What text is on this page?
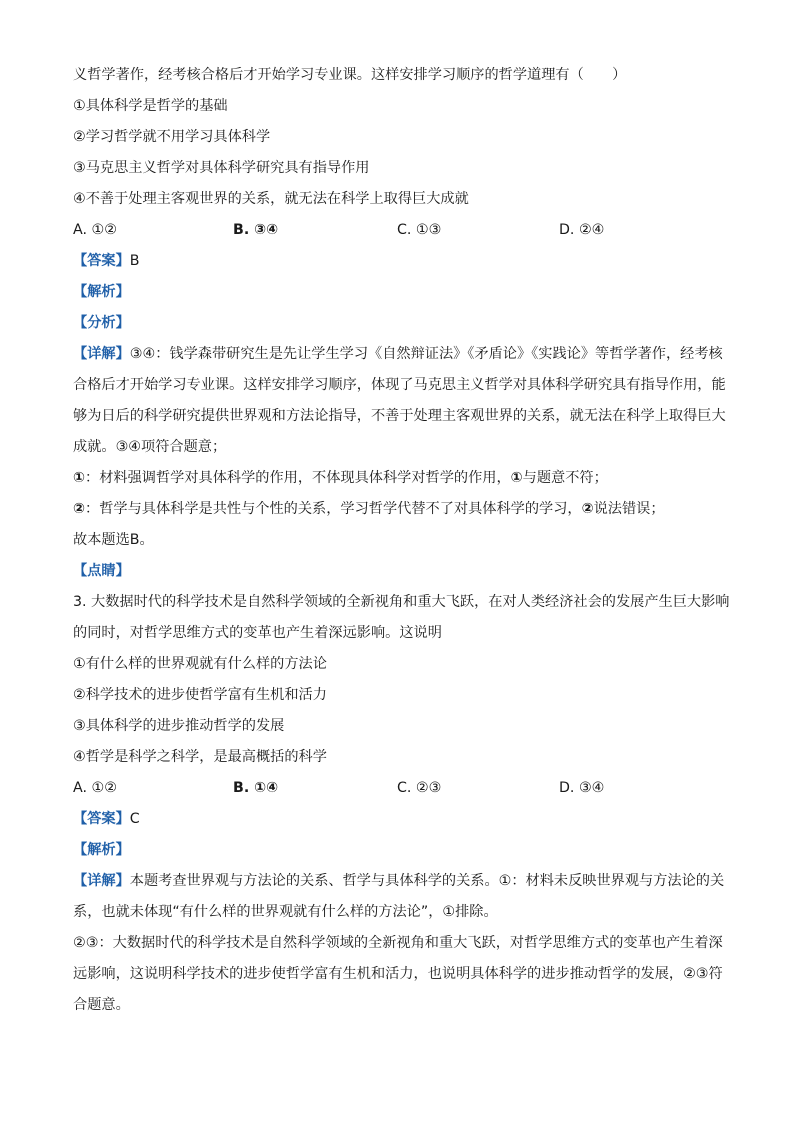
义哲学著作，经考核合格后才开始学习专业课。这样安排学习顺序的哲学道理有（　　）
①具体科学是哲学的基础
②学习哲学就不用学习具体科学
③马克思主义哲学对具体科学研究具有指导作用
④不善于处理主客观世界的关系，就无法在科学上取得巨大成就
A. ①②	B. ③④	C. ①③	D. ②④
【答案】B
【解析】
【分析】
【详解】③④：钱学森带研究生是先让学生学习《自然辩证法》《矛盾论》《实践论》等哲学著作，经考核
合格后才开始学习专业课。这样安排学习顺序，体现了马克思主义哲学对具体科学研究具有指导作用，能
够为日后的科学研究提供世界观和方法论指导，不善于处理主客观世界的关系，就无法在科学上取得巨大
成就。③④项符合题意；
①：材料强调哲学对具体科学的作用，不体现具体科学对哲学的作用，①与题意不符；
②：哲学与具体科学是共性与个性的关系，学习哲学代替不了对具体科学的学习，②说法错误；
故本题选B。
【点睛】
3. 大数据时代的科学技术是自然科学领域的全新视角和重大飞跃，在对人类经济社会的发展产生巨大影响
的同时，对哲学思维方式的变革也产生着深远影响。这说明
①有什么样的世界观就有什么样的方法论
②科学技术的进步使哲学富有生机和活力
③具体科学的进步推动哲学的发展
④哲学是科学之科学，是最高概括的科学
A. ①②	B. ①④	C. ②③	D. ③④
【答案】C
【解析】
【详解】本题考查世界观与方法论的关系、哲学与具体科学的关系。①：材料未反映世界观与方法论的关
系，也就未体现“有什么样的世界观就有什么样的方法论”，①排除。
②③：大数据时代的科学技术是自然科学领域的全新视角和重大飞跃，对哲学思维方式的变革也产生着深
远影响，这说明科学技术的进步使哲学富有生机和活力，也说明具体科学的进步推动哲学的发展，②③符
合题意。
